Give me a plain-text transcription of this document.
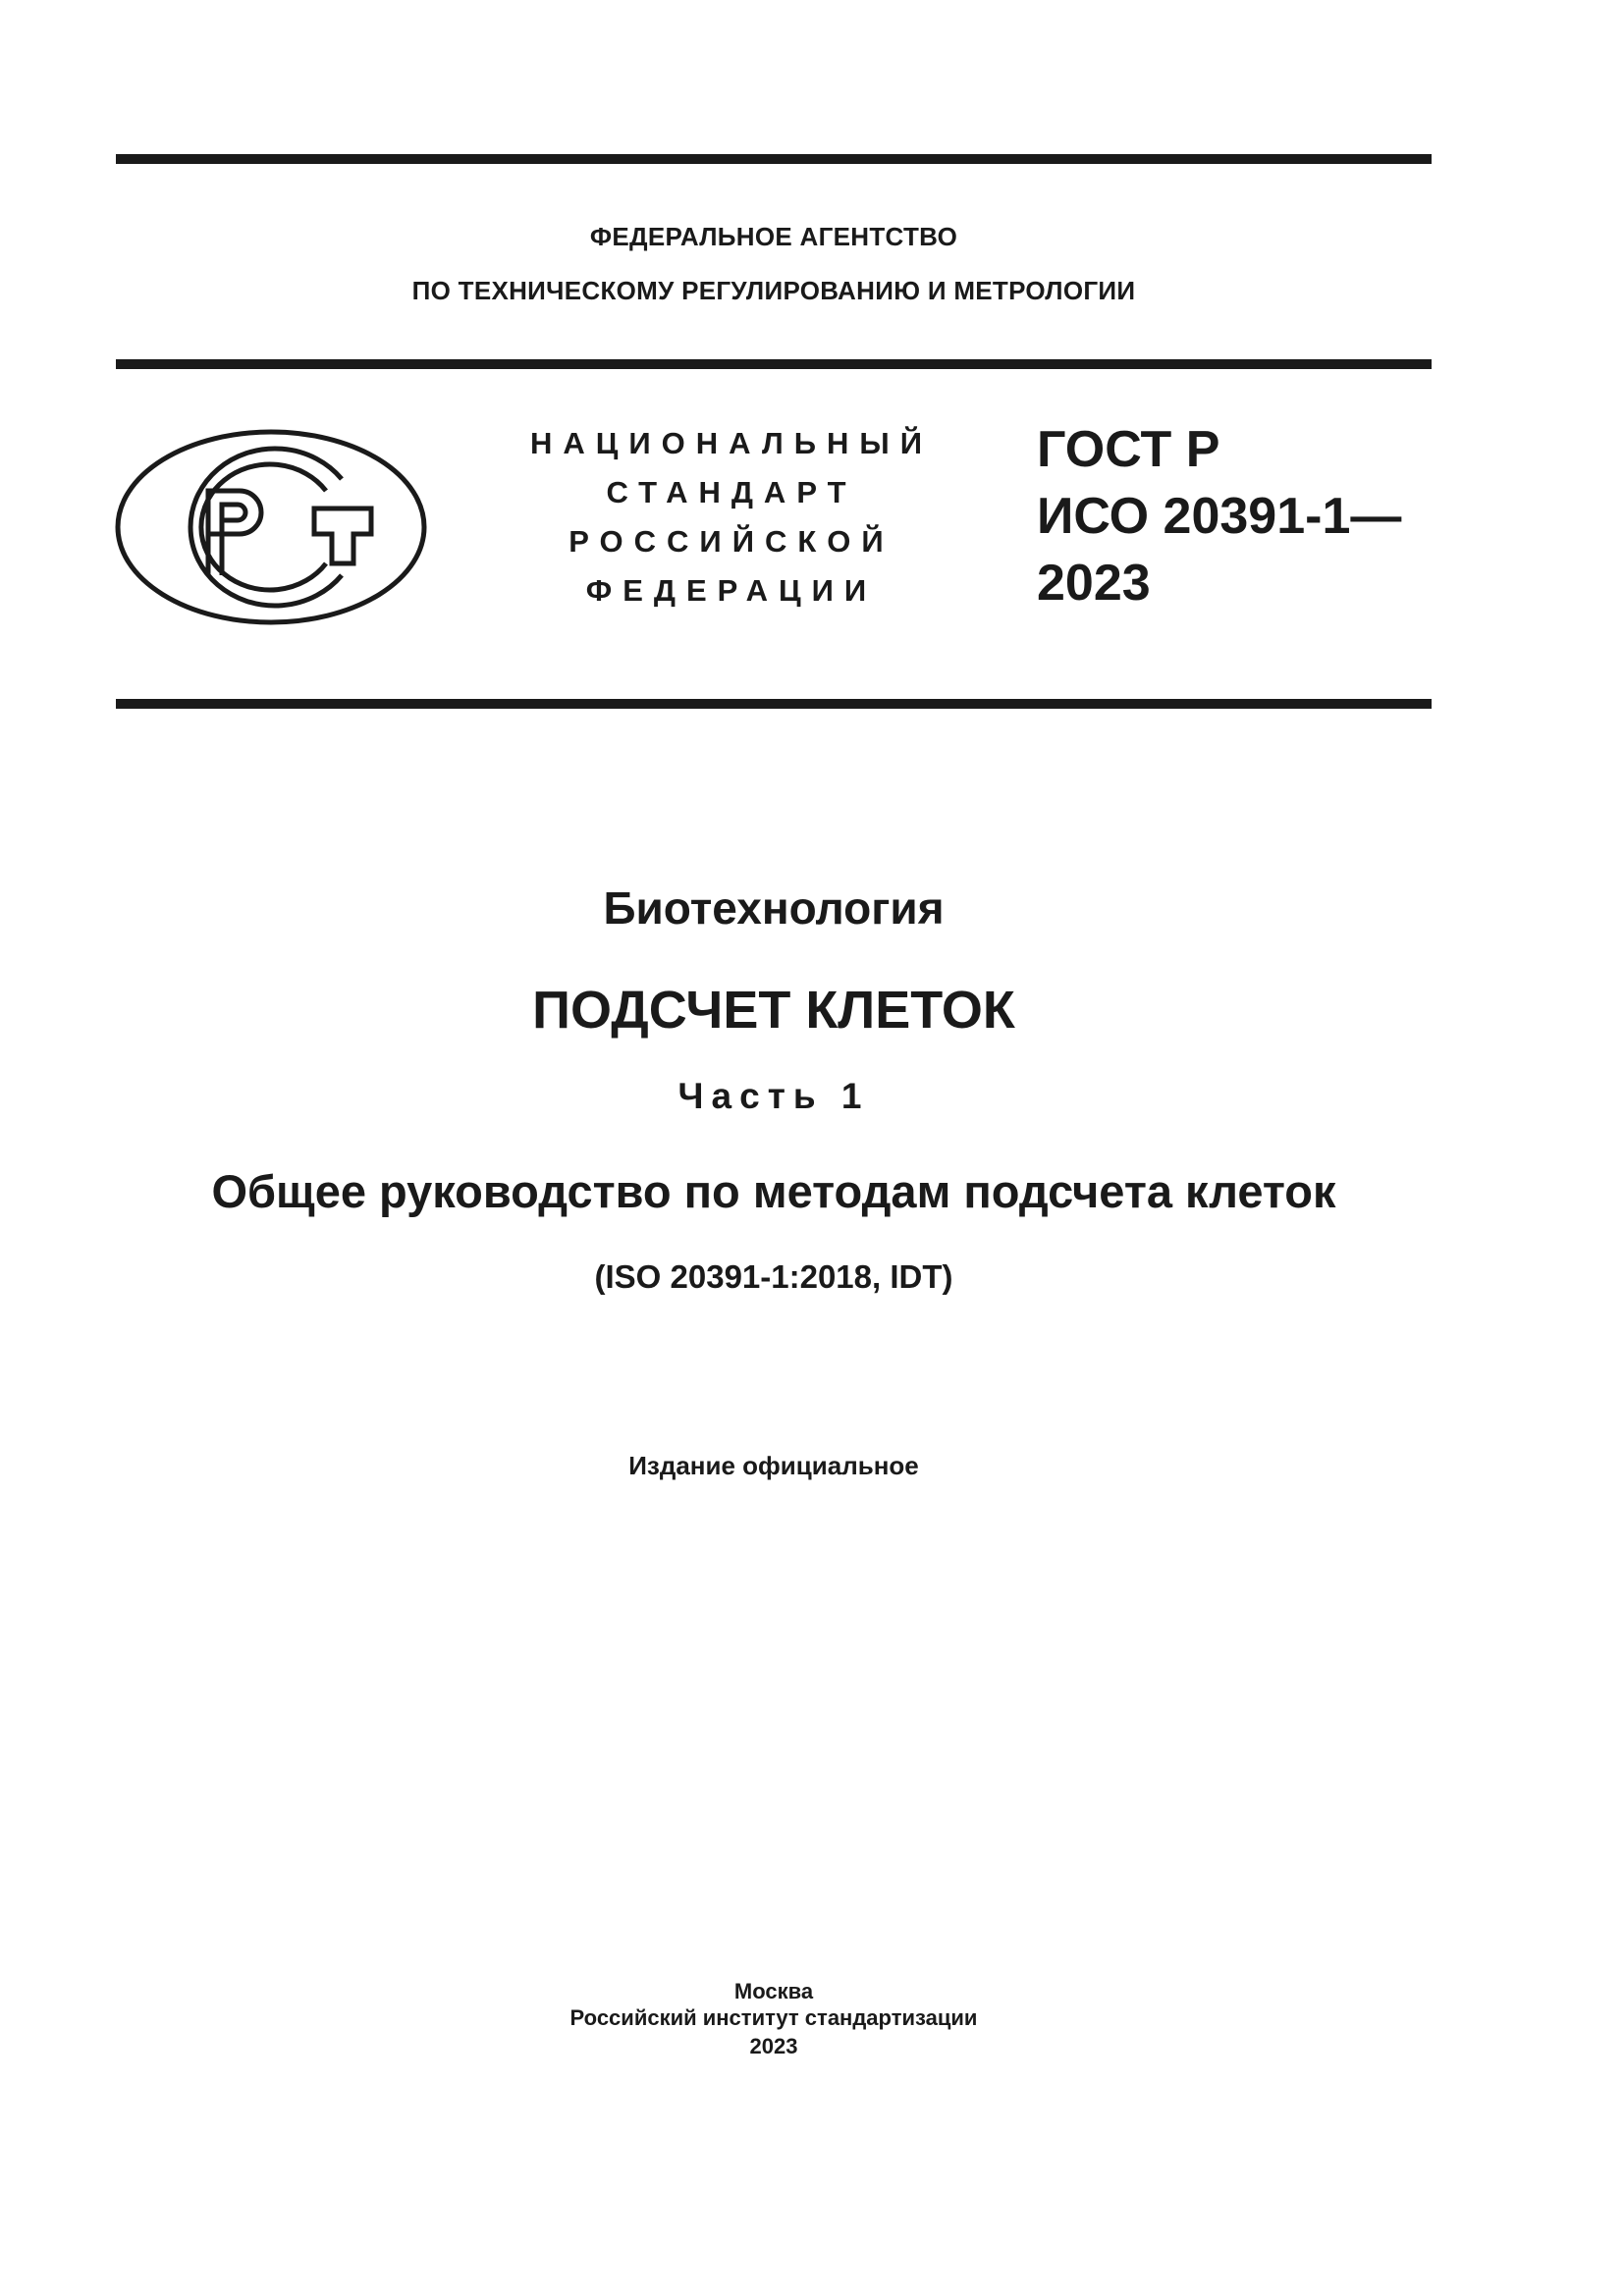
ФЕДЕРАЛЬНОЕ АГЕНТСТВО
ПО ТЕХНИЧЕСКОМУ РЕГУЛИРОВАНИЮ И МЕТРОЛОГИИ
НАЦИОНАЛЬНЫЙ
СТАНДАРТ
РОССИЙСКОЙ
ФЕДЕРАЦИИ
ГОСТ Р
ИСО 20391-1—
2023
Биотехнология
ПОДСЧЕТ КЛЕТОК
Часть 1
Общее руководство по методам подсчета клеток
(ISO 20391-1:2018, IDT)
Издание официальное
Москва
Российский институт стандартизации
2023
